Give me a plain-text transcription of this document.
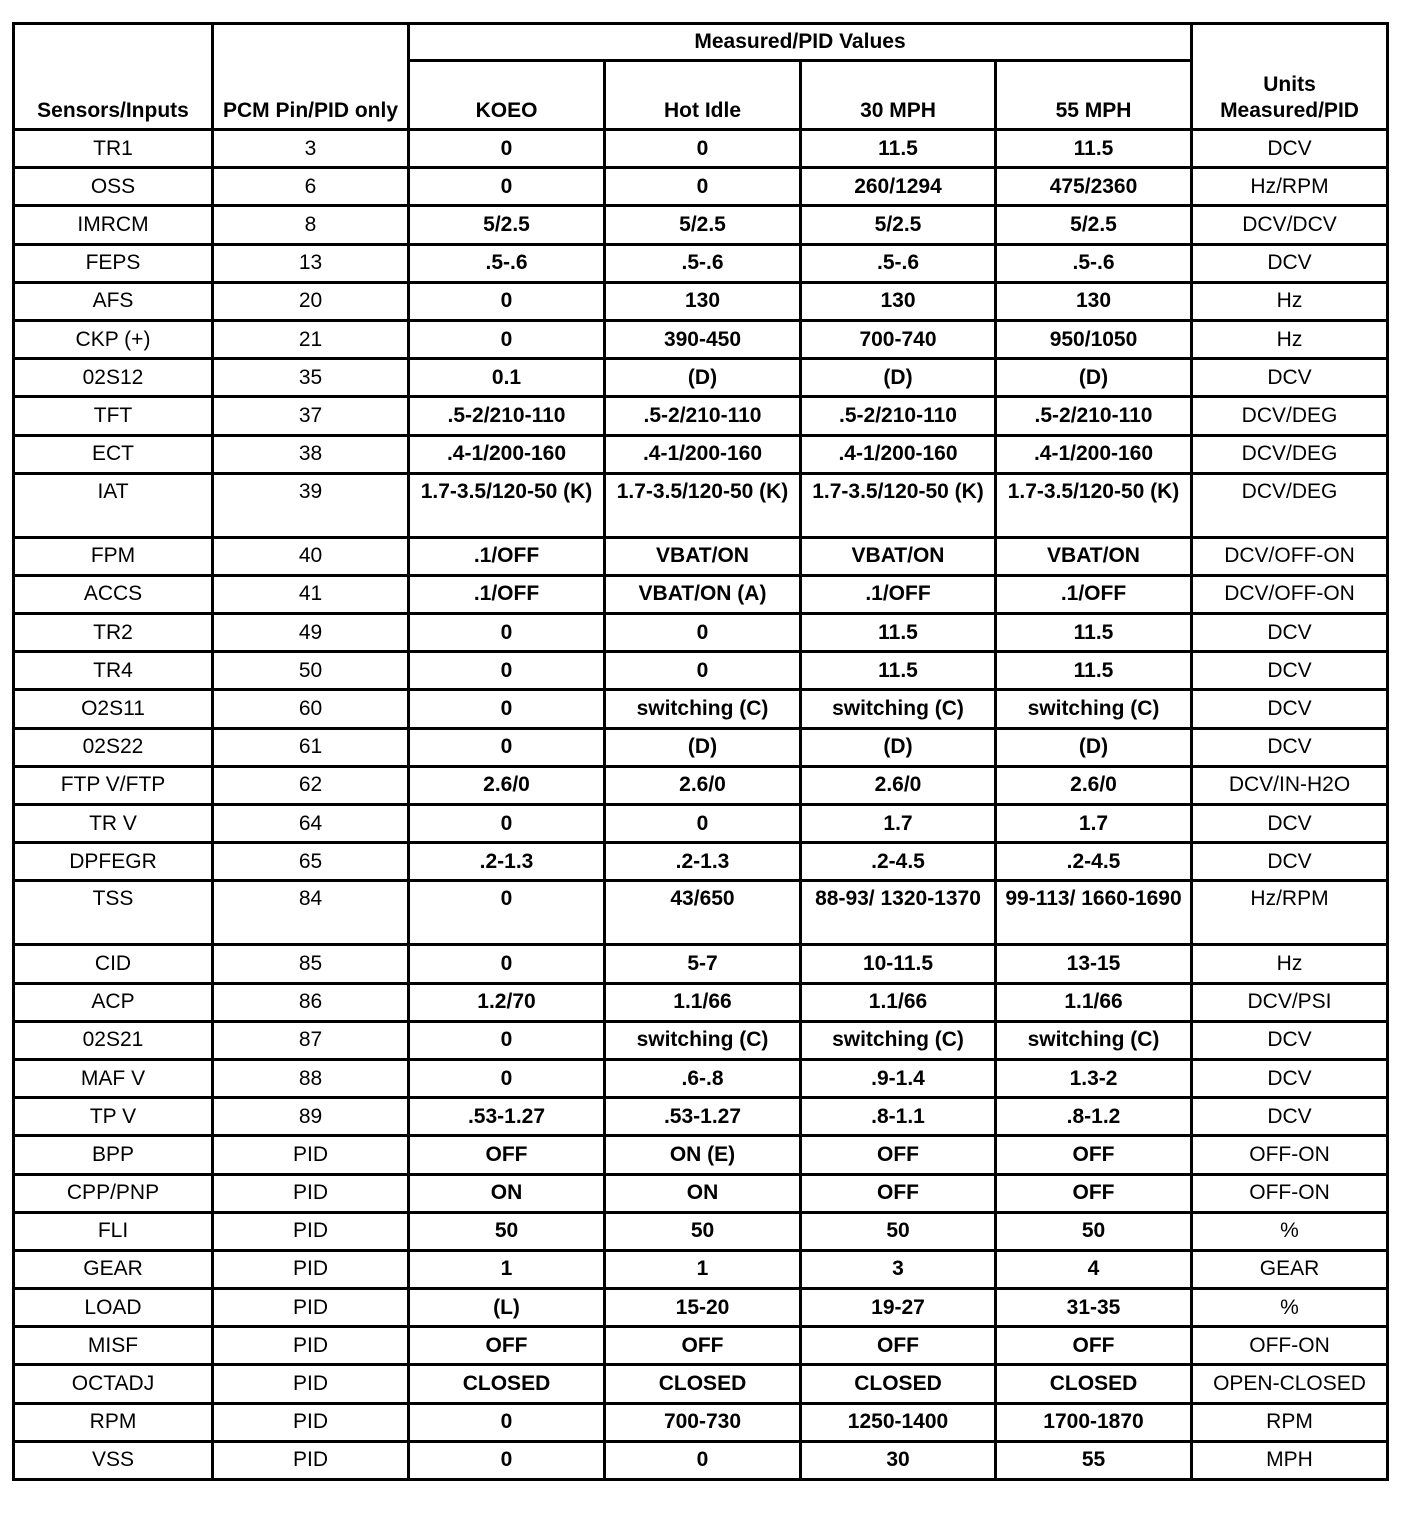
Sensors/Inputs	PCM Pin/PID only	Measured/PID Values				Units Measured/PID
		KOEO	Hot Idle	30 MPH	55 MPH	
TR1	3	0	0	11.5	11.5	DCV
OSS	6	0	0	260/1294	475/2360	Hz/RPM
IMRCM	8	5/2.5	5/2.5	5/2.5	5/2.5	DCV/DCV
FEPS	13	.5-.6	.5-.6	.5-.6	.5-.6	DCV
AFS	20	0	130	130	130	Hz
CKP (+)	21	0	390-450	700-740	950/1050	Hz
02S12	35	0.1	(D)	(D)	(D)	DCV
TFT	37	.5-2/210-110	.5-2/210-110	.5-2/210-110	.5-2/210-110	DCV/DEG
ECT	38	.4-1/200-160	.4-1/200-160	.4-1/200-160	.4-1/200-160	DCV/DEG
IAT	39	1.7-3.5/120-50 (K)	1.7-3.5/120-50 (K)	1.7-3.5/120-50 (K)	1.7-3.5/120-50 (K)	DCV/DEG
FPM	40	.1/OFF	VBAT/ON	VBAT/ON	VBAT/ON	DCV/OFF-ON
ACCS	41	.1/OFF	VBAT/ON (A)	.1/OFF	.1/OFF	DCV/OFF-ON
TR2	49	0	0	11.5	11.5	DCV
TR4	50	0	0	11.5	11.5	DCV
O2S11	60	0	switching (C)	switching (C)	switching (C)	DCV
02S22	61	0	(D)	(D)	(D)	DCV
FTP V/FTP	62	2.6/0	2.6/0	2.6/0	2.6/0	DCV/IN-H2O
TR V	64	0	0	1.7	1.7	DCV
DPFEGR	65	.2-1.3	.2-1.3	.2-4.5	.2-4.5	DCV
TSS	84	0	43/650	88-93/ 1320-1370	99-113/ 1660-1690	Hz/RPM
CID	85	0	5-7	10-11.5	13-15	Hz
ACP	86	1.2/70	1.1/66	1.1/66	1.1/66	DCV/PSI
02S21	87	0	switching (C)	switching (C)	switching (C)	DCV
MAF V	88	0	.6-.8	.9-1.4	1.3-2	DCV
TP V	89	.53-1.27	.53-1.27	.8-1.1	.8-1.2	DCV
BPP	PID	OFF	ON (E)	OFF	OFF	OFF-ON
CPP/PNP	PID	ON	ON	OFF	OFF	OFF-ON
FLI	PID	50	50	50	50	%
GEAR	PID	1	1	3	4	GEAR
LOAD	PID	(L)	15-20	19-27	31-35	%
MISF	PID	OFF	OFF	OFF	OFF	OFF-ON
OCTADJ	PID	CLOSED	CLOSED	CLOSED	CLOSED	OPEN-CLOSED
RPM	PID	0	700-730	1250-1400	1700-1870	RPM
VSS	PID	0	0	30	55	MPH
